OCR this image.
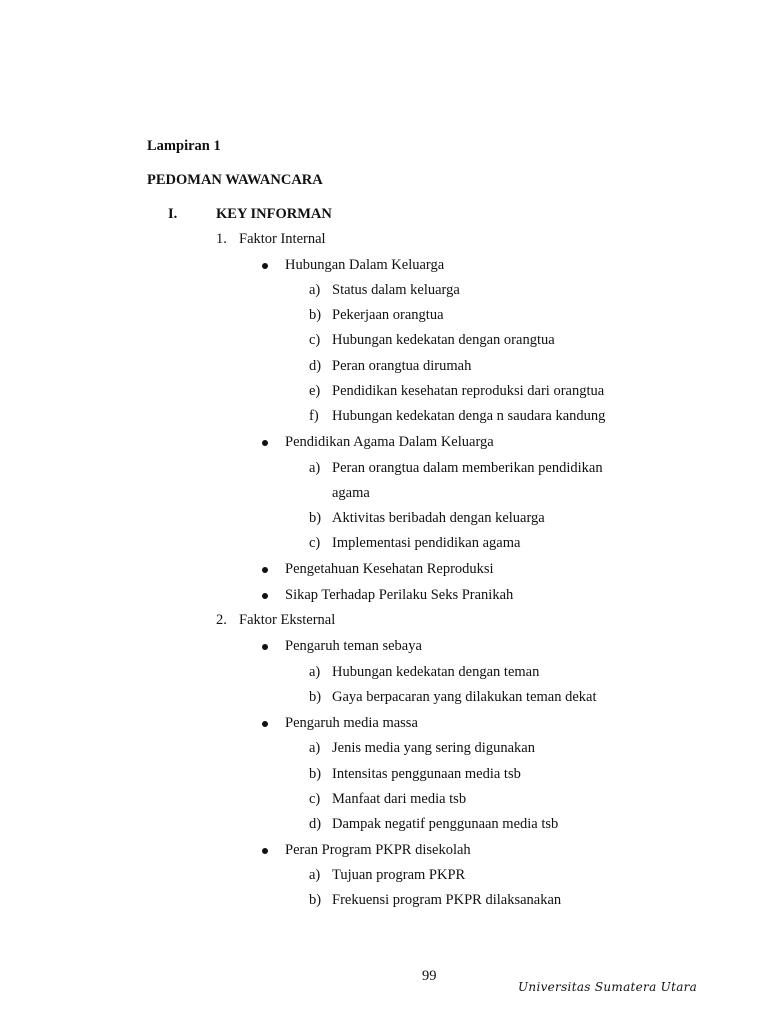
Lampiran 1
PEDOMAN WAWANCARA
I.	KEY INFORMAN
1. Faktor Internal
Hubungan Dalam Keluarga
a) Status dalam keluarga
b) Pekerjaan orangtua
c) Hubungan kedekatan dengan orangtua
d) Peran orangtua dirumah
e) Pendidikan kesehatan reproduksi dari orangtua
f) Hubungan kedekatan denga n saudara kandung
Pendidikan Agama Dalam Keluarga
a) Peran orangtua dalam memberikan pendidikan
agama
b) Aktivitas beribadah dengan keluarga
c) Implementasi pendidikan agama
Pengetahuan Kesehatan Reproduksi
Sikap Terhadap Perilaku Seks Pranikah
2. Faktor Eksternal
Pengaruh teman sebaya
a) Hubungan kedekatan dengan teman
b) Gaya berpacaran yang dilakukan teman dekat
Pengaruh media massa
a) Jenis media yang sering digunakan
b) Intensitas penggunaan media tsb
c) Manfaat dari media tsb
d) Dampak negatif penggunaan media tsb
Peran Program PKPR disekolah
a) Tujuan program PKPR
b) Frekuensi program PKPR dilaksanakan
99
Universitas Sumatera Utara
